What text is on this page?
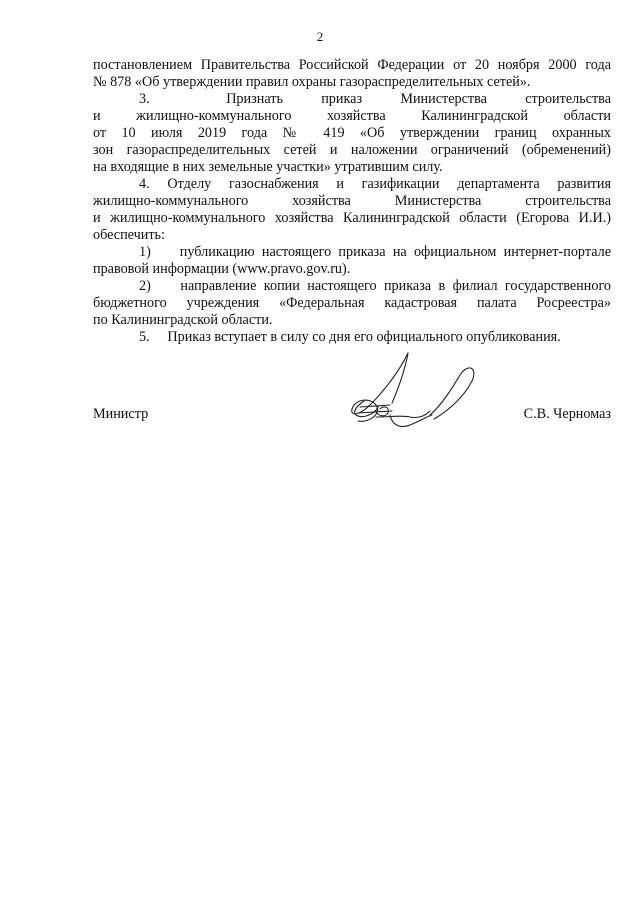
2
постановлением Правительства Российской Федерации от 20 ноября 2000 года
№ 878 «Об утверждении правил охраны газораспределительных сетей».
3.  Признать приказ Министерства строительства
и жилищно-коммунального хозяйства Калининградской области
от 10 июля 2019 года № 419 «Об утверждении границ охранных
зон газораспределительных сетей и наложении ограничений (обременений)
на входящие в них земельные участки» утратившим силу.
4. Отделу газоснабжения и газификации департамента развития
жилищно-коммунального хозяйства Министерства строительства
и жилищно-коммунального хозяйства Калининградской области (Егорова И.И.)
обеспечить:
1)    публикацию настоящего приказа на официальном интернет-портале
правовой информации (www.pravo.gov.ru).
2)    направление копии настоящего приказа в филиал государственного
бюджетного учреждения «Федеральная кадастровая палата Росреестра»
по Калининградской области.
5.     Приказ вступает в силу со дня его официального опубликования.
Министр	С.В. Черномаз
